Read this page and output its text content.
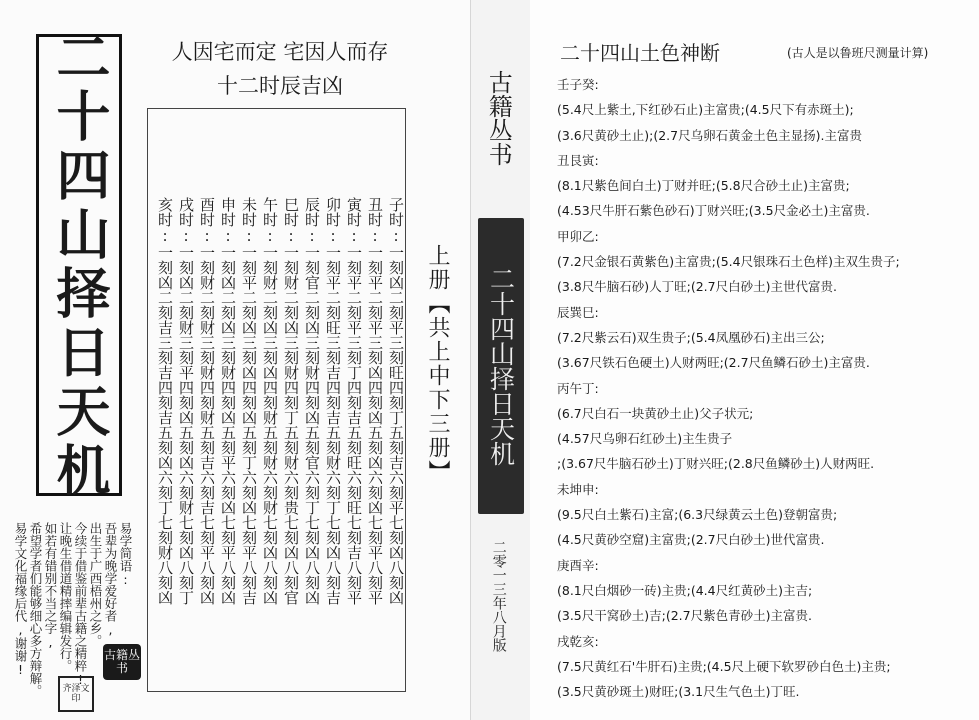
二十四山择日天机	人因宅而定 宅因人而存
十二时辰吉凶
亥时:一刻凶二刻吉三刻吉四刻吉五刻凶六刻丁七刻财八刻凶 戌时:一刻凶二刻财三刻平四刻凶五刻凶六刻财七刻凶八刻丁 酉时:一刻财二刻财三刻财四刻财五刻吉六刻吉七刻平八刻凶 申时:一刻凶二刻凶三刻财四刻凶五刻平六刻凶七刻平八刻凶 未时:一刻平二刻凶三刻凶四刻凶五刻丁六刻凶七刻平八刻吉 午时:一刻财二刻凶三刻凶四刻财五刻财六刻财七刻凶八刻凶 巳时:一刻财二刻凶三刻财四刻丁五刻财六刻贵七刻凶八刻官 辰时:一刻官二刻凶三刻财四刻凶五刻官六刻丁七刻凶八刻凶 卯时:一刻平二刻旺三刻吉四刻吉五刻财六刻丁七刻凶八刻吉 寅时:一刻平二刻平三刻丁四刻吉五刻旺六刻旺七刻吉八刻平 丑时:一刻平二刻平三刻凶四刻凶五刻凶六刻凶七刻平八刻平 子时:一刻凶二刻平三刻旺四刻丁五刻吉六刻平七刻凶八刻凶 上册【共上中下三册】
易学简语:
吾辈为晚学爱好者,
出生于广西梧州之乡。
今续于借鉴前辈古籍之精粹!
让晚生借道精摔编辑发行。
如若有错别不当之字,
希望学者们能够细心多方辩解。
易学文化福缘后代,谢谢!	古籍丛书
齐泽文印
古籍丛书
二十四山择日天机
二零一三年八月版
二十四山土色神断	(古人是以鲁班尺测量计算)
壬子癸:
(5.4尺上紫土,下红砂石止)主富贵;(4.5尺下有赤斑土);
(3.6尺黄砂土止);(2.7尺乌卵石黄金土色主显扬).主富贵
丑艮寅:
(8.1尺紫色间白土)丁财并旺;(5.8尺合砂土止)主富贵;
(4.53尺牛肝石紫色砂石)丁财兴旺;(3.5尺金必土)主富贵.
甲卯乙:
(7.2尺金银石黄紫色)主富贵;(5.4尺银珠石土色样)主双生贵子;
(3.8尺牛脑石砂)人丁旺;(2.7尺白砂土)主世代富贵.
辰巽巳:
(7.2尺紫云石)双生贵子;(5.4凤凰砂石)主出三公;
(3.67尺铁石色硬土)人财两旺;(2.7尺鱼鳞石砂土)主富贵.
丙午丁:
(6.7尺白石一块黄砂土止)父子状元;
(4.57尺乌卵石红砂土)主生贵子
;(3.67尺牛脑石砂土)丁财兴旺;(2.8尺鱼鳞砂土)人财两旺.
未坤申:
(9.5尺白土紫石)主富;(6.3尺绿黄云土色)登朝富贵;
(4.5尺黄砂空窟)主富贵;(2.7尺白砂土)世代富贵.
庚酉辛:
(8.1尺白烟砂一砖)主贵;(4.4尺红黄砂土)主吉;
(3.5尺干窝砂土)吉;(2.7尺紫色青砂土)主富贵.
戌乾亥:
(7.5尺黄红石'牛肝石)主贵;(4.5尺上硬下软罗砂白色土)主贵;
(3.5尺黄砂斑土)财旺;(3.1尺生气色土)丁旺.
